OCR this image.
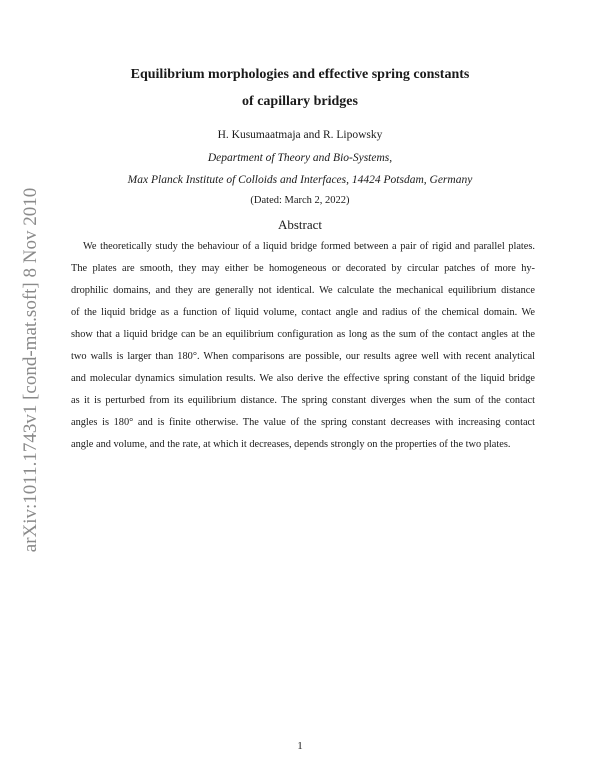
arXiv:1011.1743v1 [cond-mat.soft] 8 Nov 2010
Equilibrium morphologies and effective spring constants
of capillary bridges

H. Kusumaatmaja and R. Lipowsky

Department of Theory and Bio-Systems,

Max Planck Institute of Colloids and Interfaces, 14424 Potsdam, Germany

(Dated: March 2, 2022)

Abstract

We theoretically study the behaviour of a liquid bridge formed between a pair of rigid and parallel plates.

The plates are smooth, they may either be homogeneous or decorated by circular patches of more hy-

drophilic domains, and they are generally not identical. We calculate the mechanical equilibrium distance

of the liquid bridge as a function of liquid volume, contact angle and radius of the chemical domain. We

show that a liquid bridge can be an equilibrium configuration as long as the sum of the contact angles at the

two walls is larger than 180°. When comparisons are possible, our results agree well with recent analytical

and molecular dynamics simulation results. We also derive the effective spring constant of the liquid bridge

as it is perturbed from its equilibrium distance. The spring constant diverges when the sum of the contact

angles is 180° and is finite otherwise. The value of the spring constant decreases with increasing contact

angle and volume, and the rate, at which it decreases, depends strongly on the properties of the two plates.

1
